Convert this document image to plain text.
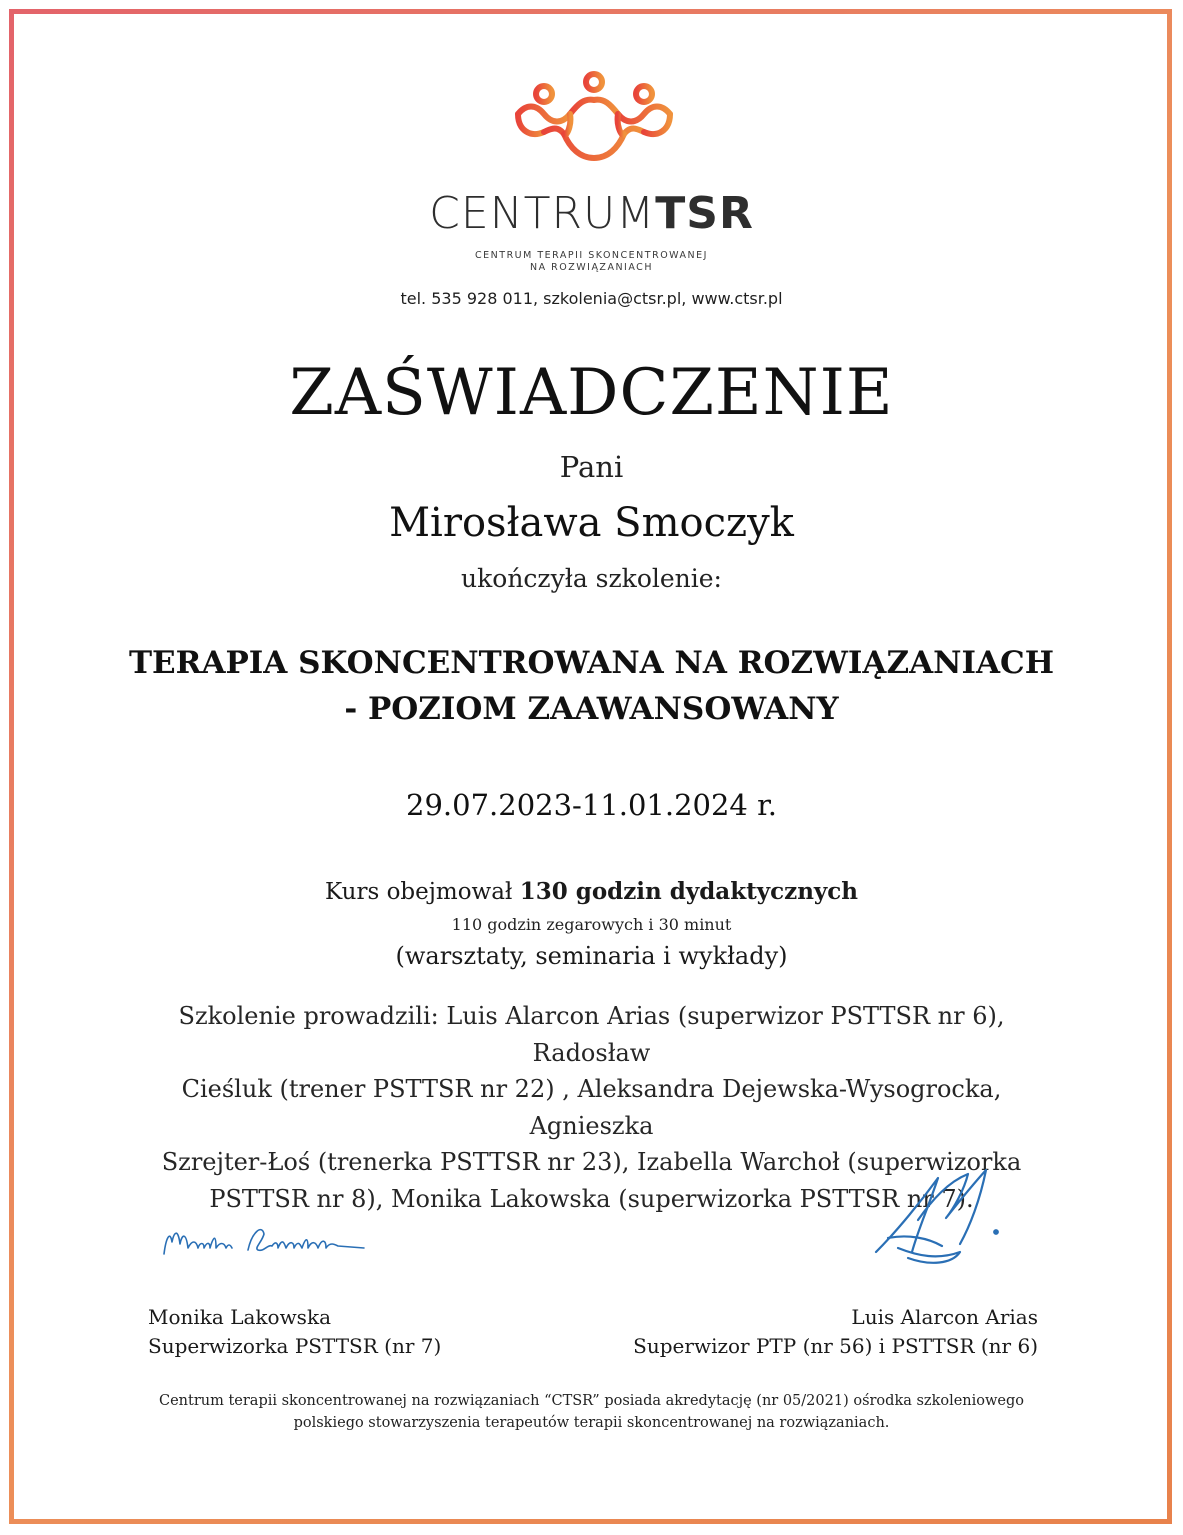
CENTRUMTSR
CENTRUM TERAPII SKONCENTROWANEJ
NA ROZWIĄZANIACH
tel. 535 928 011, szkolenia@ctsr.pl, www.ctsr.pl
ZAŚWIADCZENIE
Pani
Mirosława Smoczyk
ukończyła szkolenie:
TERAPIA SKONCENTROWANA NA ROZWIĄZANIACH
- POZIOM ZAAWANSOWANY
29.07.2023-11.01.2024 r.
Kurs obejmował 130 godzin dydaktycznych
110 godzin zegarowych i 30 minut
(warsztaty, seminaria i wykłady)
Szkolenie prowadzili: Luis Alarcon Arias (superwizor PSTTSR nr 6), Radosław
Cieśluk (trener PSTTSR nr 22) , Aleksandra Dejewska-Wysogrocka, Agnieszka
Szrejter-Łoś (trenerka PSTTSR nr 23), Izabella Warchoł (superwizorka
PSTTSR nr 8), Monika Lakowska (superwizorka PSTTSR nr 7).
Monika Lakowska
Superwizorka PSTTSR (nr 7)
Luis Alarcon Arias
Superwizor PTP (nr 56) i PSTTSR (nr 6)
Centrum terapii skoncentrowanej na rozwiązaniach “CTSR” posiada akredytację (nr 05/2021) ośrodka szkoleniowego
polskiego stowarzyszenia terapeutów terapii skoncentrowanej na rozwiązaniach.
